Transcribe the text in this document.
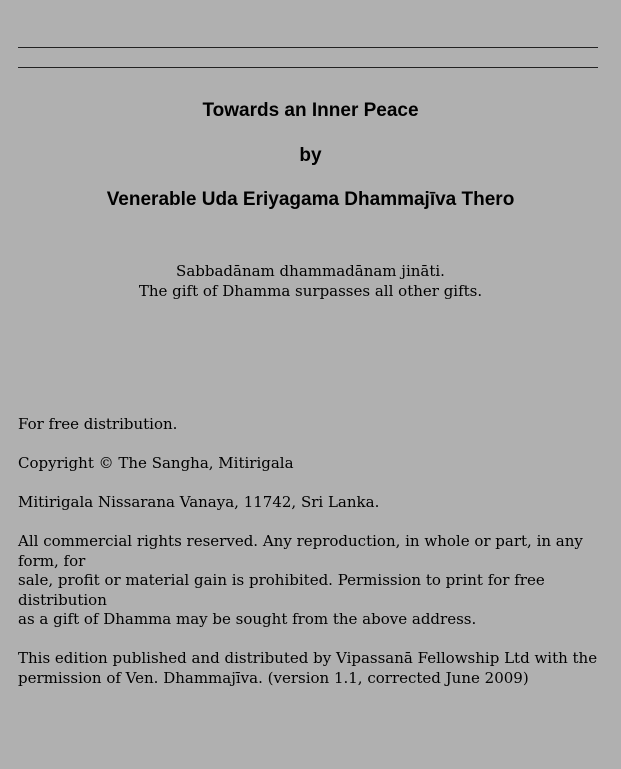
Towards an Inner Peace
by
Venerable Uda Eriyagama Dhammajīva Thero
Sabbadānam dhammadānam jināti.
The gift of Dhamma surpasses all other gifts.

For free distribution.

Copyright © The Sangha, Mitirigala

Mitirigala Nissarana Vanaya, 11742, Sri Lanka.

All commercial rights reserved. Any reproduction, in whole or part, in any form, for
sale, profit or material gain is prohibited. Permission to print for free distribution
as a gift of Dhamma may be sought from the above address.
This edition published and distributed by Vipassanā Fellowship Ltd with the
permission of Ven. Dhammajīva. (version 1.1, corrected June 2009)
